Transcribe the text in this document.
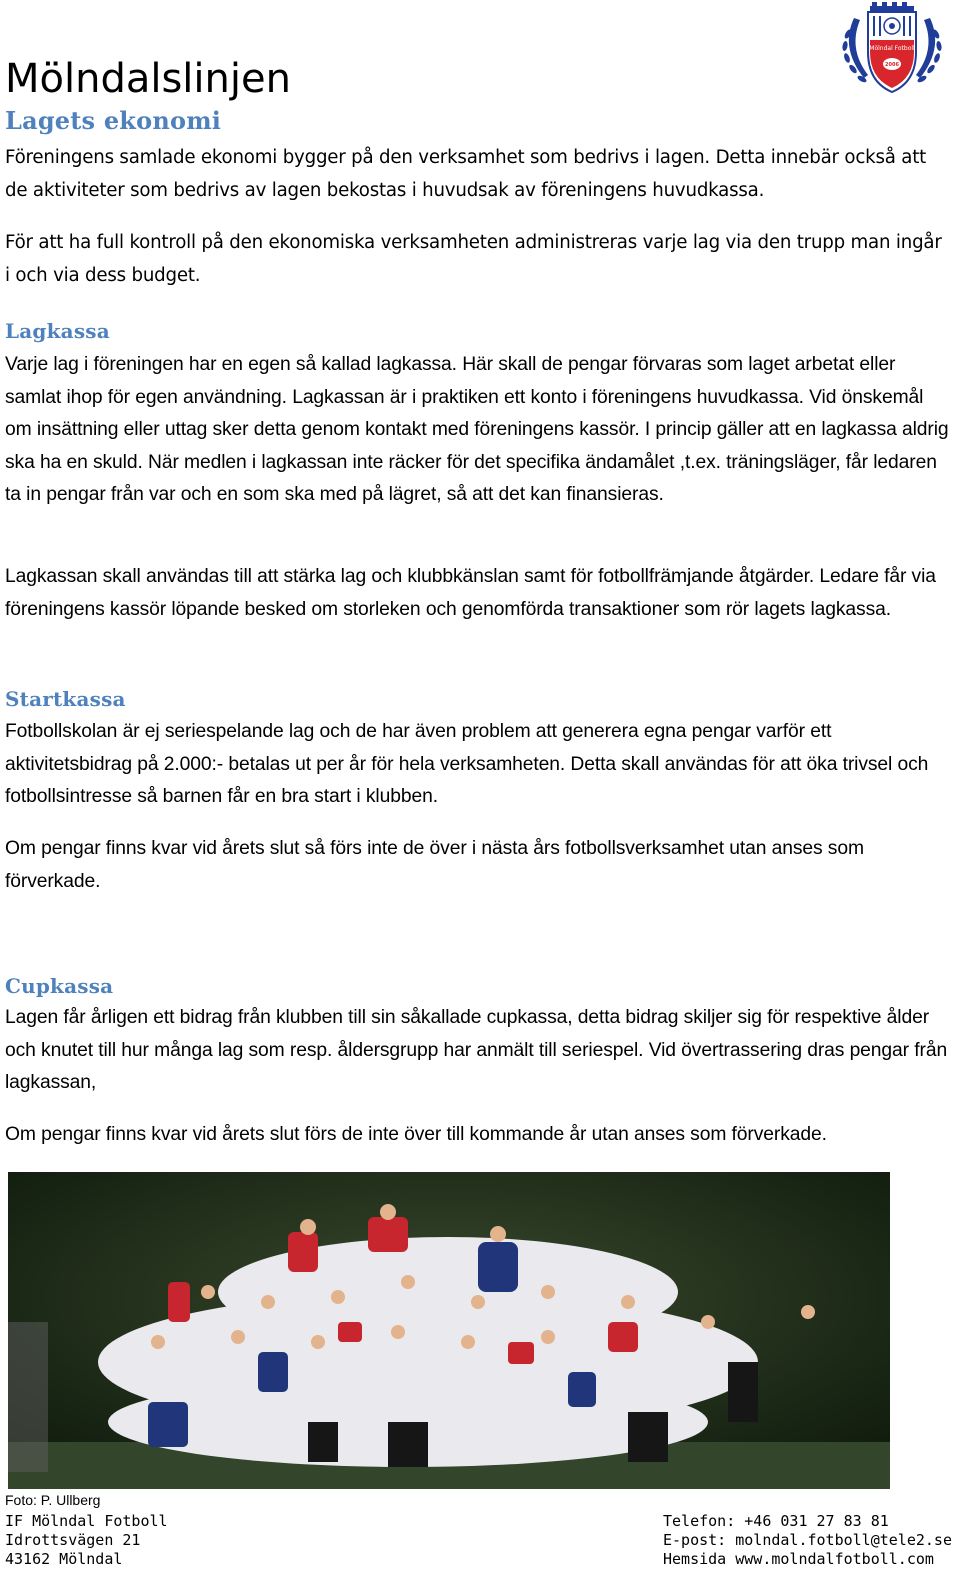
Mölndalslinjen
Mölndal Fotboll
2006
Lagets ekonomi

Föreningens samlade ekonomi bygger på den verksamhet som bedrivs i lagen. Detta innebär också att de aktiviteter som bedrivs av lagen bekostas i huvudsak av föreningens huvudkassa.

För att ha full kontroll på den ekonomiska verksamheten administreras varje lag via den trupp man ingår i och via dess budget.

Lagkassa

Varje lag i föreningen har en egen så kallad lagkassa. Här skall de pengar förvaras som laget arbetat eller samlat ihop för egen användning. Lagkassan är i praktiken ett konto i föreningens huvudkassa. Vid önskemål om insättning eller uttag sker detta genom kontakt med föreningens kassör. I princip gäller att en lagkassa aldrig ska ha en skuld. När medlen i lagkassan inte räcker för det specifika ändamålet ,t.ex. träningsläger, får ledaren ta in pengar från var och en som ska med på lägret, så att det kan finansieras.

Lagkassan skall användas till att stärka lag och klubbkänslan samt för fotbollfrämjande åtgärder. Ledare får via föreningens kassör löpande besked om storleken och genomförda transaktioner som rör lagets lagkassa.

Startkassa

Fotbollskolan är ej seriespelande lag och de har även problem att generera egna pengar varför ett aktivitetsbidrag på 2.000:- betalas ut per år för hela verksamheten. Detta skall användas för att öka trivsel och fotbollsintresse så barnen får en bra start i klubben.

Om pengar finns kvar vid årets slut så förs inte de över i nästa års fotbollsverksamhet utan anses som förverkade.

Cupkassa

Lagen får årligen ett bidrag från klubben till sin såkallade cupkassa, detta bidrag skiljer sig för respektive ålder och knutet till hur många lag som resp. åldersgrupp har anmält till seriespel. Vid övertrassering dras pengar från lagkassan,

Om pengar finns kvar vid årets slut förs de inte över till kommande år utan anses som förverkade.

Foto: P. Ullberg

IF Mölndal Fotboll
Idrottsvägen 21
43162 Mölndal
Telefon: +46 031 27 83 81
E-post: molndal.fotboll@tele2.se
Hemsida www.molndalfotboll.com
